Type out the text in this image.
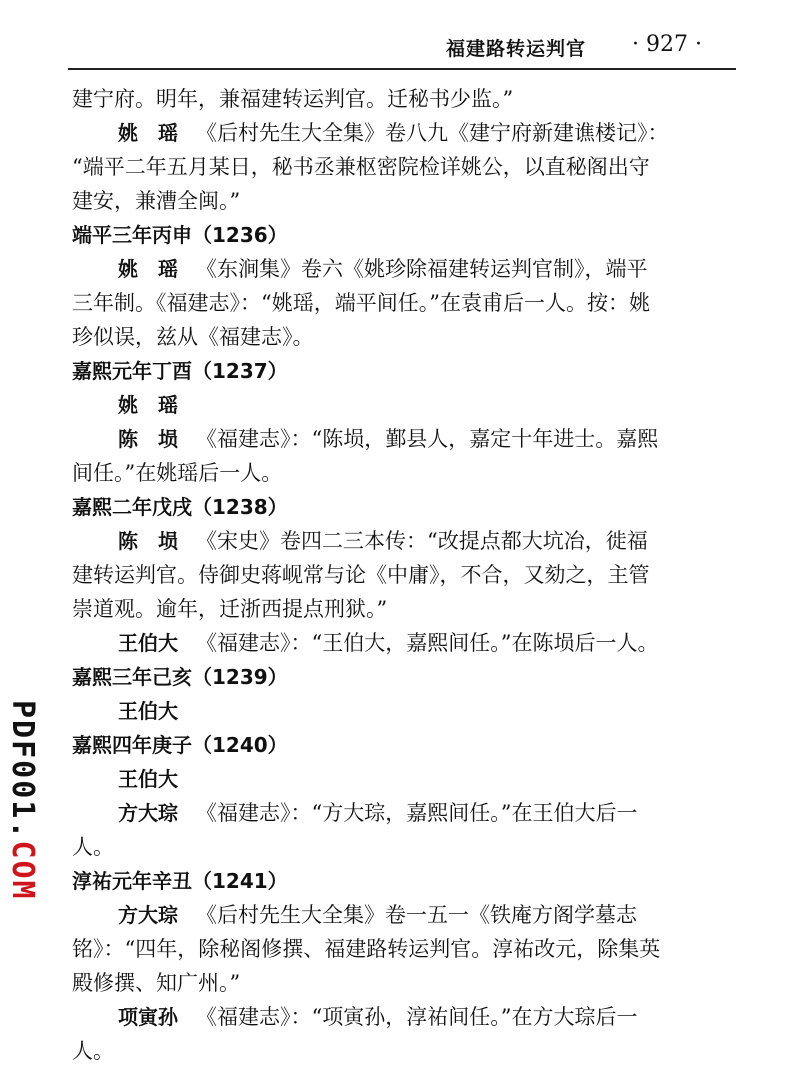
福建路转运判官 · 927 ·
PDF001.COM
建宁府。明年，兼福建转运判官。迁秘书少监。”
姚　瑶 《后村先生大全集》卷八九《建宁府新建谯楼记》：
“端平二年五月某日，秘书丞兼枢密院检详姚公，以直秘阁出守
建安，兼漕全闽。”
端平三年丙申（1236）
姚　瑶 《东涧集》卷六《姚珍除福建转运判官制》，端平
三年制。《福建志》：“姚瑶，端平间任。”在袁甫后一人。按：姚
珍似误，兹从《福建志》。
嘉熙元年丁酉（1237）
姚　瑶
陈　埙 《福建志》：“陈埙，鄞县人，嘉定十年进士。嘉熙
间任。”在姚瑶后一人。
嘉熙二年戊戌（1238）
陈　埙 《宋史》卷四二三本传：“改提点都大坑冶，徙福
建转运判官。侍御史蒋岘常与论《中庸》，不合，又劾之，主管
崇道观。逾年，迁浙西提点刑狱。”
王伯大 《福建志》：“王伯大，嘉熙间任。”在陈埙后一人。
嘉熙三年己亥（1239）
王伯大
嘉熙四年庚子（1240）
王伯大
方大琮 《福建志》：“方大琮，嘉熙间任。”在王伯大后一
人。
淳祐元年辛丑（1241）
方大琮 《后村先生大全集》卷一五一《铁庵方阁学墓志
铭》：“四年，除秘阁修撰、福建路转运判官。淳祐改元，除集英
殿修撰、知广州。”
项寅孙 《福建志》：“项寅孙，淳祐间任。”在方大琮后一
人。
